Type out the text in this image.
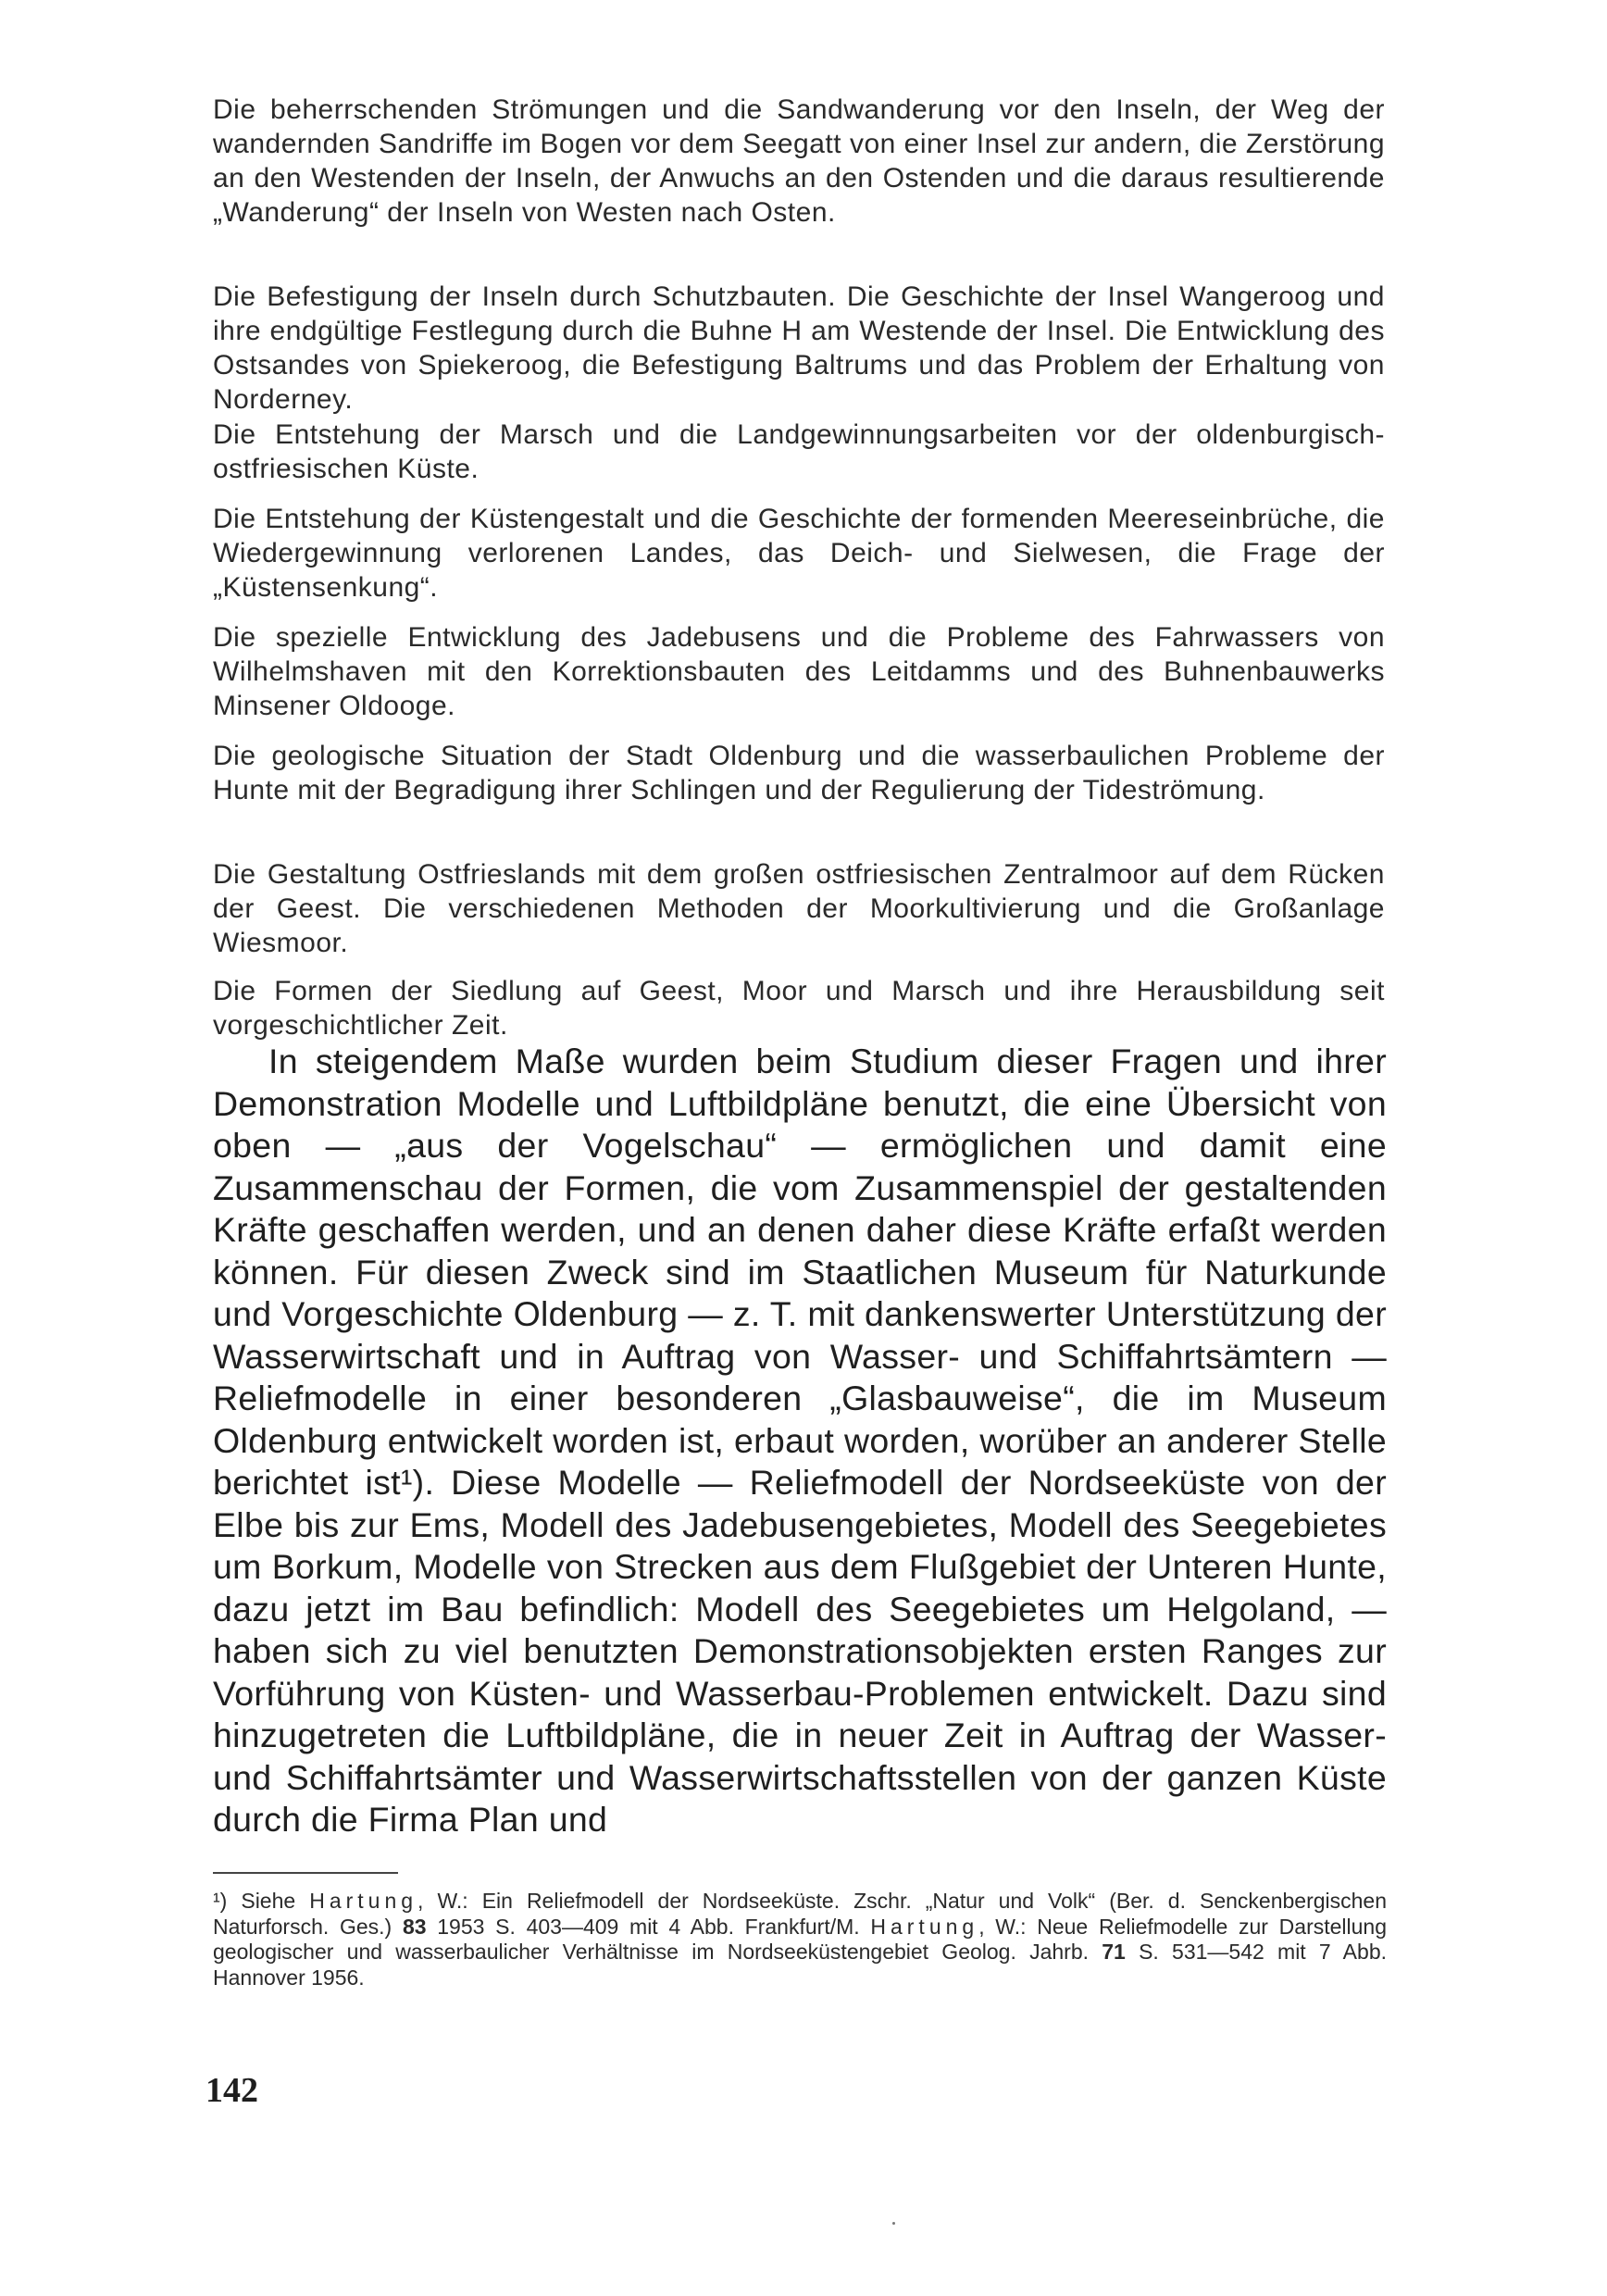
Die beherrschenden Strömungen und die Sandwanderung vor den Inseln, der Weg der wandernden Sandriffe im Bogen vor dem Seegatt von einer Insel zur andern, die Zerstörung an den Westenden der Inseln, der Anwuchs an den Ostenden und die daraus resultierende „Wanderung“ der Inseln von Westen nach Osten.

Die Befestigung der Inseln durch Schutzbauten. Die Geschichte der Insel Wangeroog und ihre endgültige Festlegung durch die Buhne H am Westende der Insel. Die Entwicklung des Ostsandes von Spiekeroog, die Befestigung Baltrums und das Problem der Erhaltung von Norderney.

Die Entstehung der Marsch und die Landgewinnungsarbeiten vor der oldenburgisch-ostfriesischen Küste.

Die Entstehung der Küstengestalt und die Geschichte der formenden Meereseinbrüche, die Wiedergewinnung verlorenen Landes, das Deich- und Sielwesen, die Frage der „Küstensenkung“.

Die spezielle Entwicklung des Jadebusens und die Probleme des Fahrwassers von Wilhelmshaven mit den Korrektionsbauten des Leitdamms und des Buhnenbauwerks Minsener Oldooge.

Die geologische Situation der Stadt Oldenburg und die wasserbaulichen Probleme der Hunte mit der Begradigung ihrer Schlingen und der Regulierung der Tideströmung.

Die Gestaltung Ostfrieslands mit dem großen ostfriesischen Zentralmoor auf dem Rücken der Geest. Die verschiedenen Methoden der Moorkultivierung und die Großanlage Wiesmoor.

Die Formen der Siedlung auf Geest, Moor und Marsch und ihre Herausbildung seit vorgeschichtlicher Zeit.

In steigendem Maße wurden beim Studium dieser Fragen und ihrer Demonstration Modelle und Luftbildpläne benutzt, die eine Übersicht von oben — „aus der Vogelschau“ — ermöglichen und damit eine Zusammenschau der Formen, die vom Zusammenspiel der gestaltenden Kräfte geschaffen werden, und an denen daher diese Kräfte erfaßt werden können. Für diesen Zweck sind im Staatlichen Museum für Naturkunde und Vorgeschichte Oldenburg — z. T. mit dankenswerter Unterstützung der Wasserwirtschaft und in Auftrag von Wasser- und Schiffahrtsämtern — Reliefmodelle in einer besonderen „Glasbauweise“, die im Museum Oldenburg entwickelt worden ist, erbaut worden, worüber an anderer Stelle berichtet ist¹). Diese Modelle — Reliefmodell der Nordseeküste von der Elbe bis zur Ems, Modell des Jadebusengebietes, Modell des Seegebietes um Borkum, Modelle von Strecken aus dem Flußgebiet der Unteren Hunte, dazu jetzt im Bau befindlich: Modell des Seegebietes um Helgoland, — haben sich zu viel benutzten Demonstrationsobjekten ersten Ranges zur Vorführung von Küsten- und Wasserbau-Problemen entwickelt. Dazu sind hinzugetreten die Luftbildpläne, die in neuer Zeit in Auftrag der Wasser- und Schiffahrtsämter und Wasserwirtschaftsstellen von der ganzen Küste durch die Firma Plan und

¹) Siehe Hartung, W.: Ein Reliefmodell der Nordseeküste. Zschr. „Natur und Volk“ (Ber. d. Senckenbergischen Naturforsch. Ges.) 83 1953 S. 403—409 mit 4 Abb. Frankfurt/M. Hartung, W.: Neue Reliefmodelle zur Darstellung geologischer und wasserbaulicher Verhältnisse im Nordseeküstengebiet Geolog. Jahrb. 71 S. 531—542 mit 7 Abb. Hannover 1956.

142
